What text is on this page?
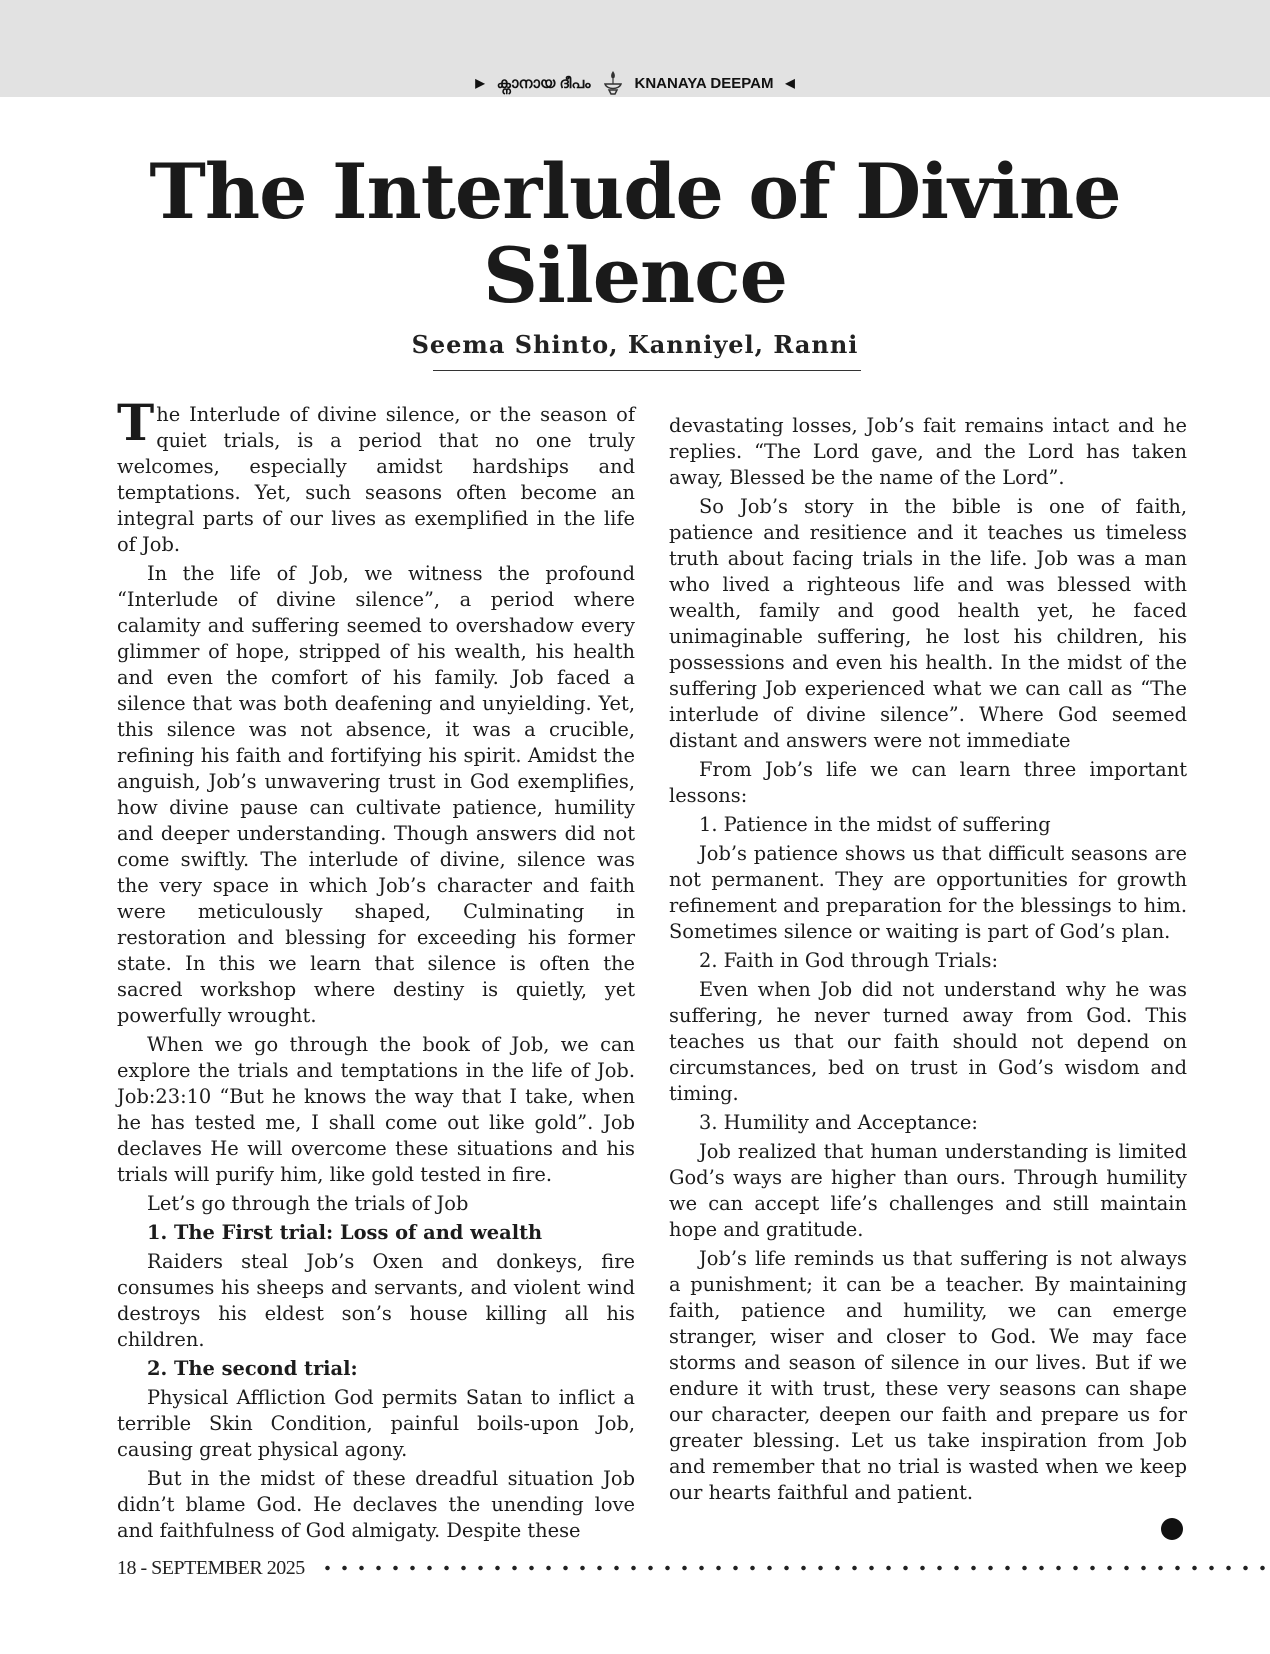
▶ ക്നാനായ ദീപം	KNANAYA DEEPAM ◀
The Interlude of Divine
Silence
Seema Shinto, Kanniyel, Ranni

The Interlude of divine silence, or the season of quiet trials, is a period that no one truly welcomes, especially amidst hardships and temptations. Yet, such seasons often become an integral parts of our lives as exemplified in the life of Job.

In the life of Job, we witness the profound “Interlude of divine silence”, a period where calamity and suffering seemed to overshadow every glimmer of hope, stripped of his wealth, his health and even the comfort of his family. Job faced a silence that was both deafening and unyielding. Yet, this silence was not absence, it was a crucible, refining his faith and fortifying his spirit. Amidst the anguish, Job’s unwavering trust in God exemplifies, how divine pause can cultivate patience, humility and deeper understanding. Though answers did not come swiftly. The interlude of divine, silence was the very space in which Job’s character and faith were meticulously shaped, Culminating in restoration and blessing for exceeding his former state. In this we learn that silence is often the sacred workshop where destiny is quietly, yet powerfully wrought.

When we go through the book of Job, we can explore the trials and temptations in the life of Job. Job:23:10 “But he knows the way that I take, when he has tested me, I shall come out like gold”. Job declaves He will overcome these situations and his trials will purify him, like gold tested in fire.

Let’s go through the trials of Job

1. The First trial: Loss of and wealth

Raiders steal Job’s Oxen and donkeys, fire consumes his sheeps and servants, and violent wind destroys his eldest son’s house killing all his children.

2. The second trial:

Physical Affliction God permits Satan to inflict a terrible Skin Condition, painful boils-upon Job, causing great physical agony.

But in the midst of these dreadful situation Job didn’t blame God. He declaves the unending love and faithfulness of God almigaty. Despite these

devastating losses, Job’s fait remains intact and he replies. “The Lord gave, and the Lord has taken away, Blessed be the name of the Lord”.

So Job’s story in the bible is one of faith, patience and resitience and it teaches us timeless truth about facing trials in the life. Job was a man who lived a righteous life and was blessed with wealth, family and good health yet, he faced unimaginable suffering, he lost his children, his possessions and even his health. In the midst of the suffering Job experienced what we can call as “The interlude of divine silence”. Where God seemed distant and answers were not immediate

From Job’s life we can learn three important lessons:

1. Patience in the midst of suffering

Job’s patience shows us that difficult seasons are not permanent. They are opportunities for growth refinement and preparation for the blessings to him. Sometimes silence or waiting is part of God’s plan.

2. Faith in God through Trials:

Even when Job did not understand why he was suffering, he never turned away from God. This teaches us that our faith should not depend on circumstances, bed on trust in God’s wisdom and timing.

3. Humility and Acceptance:

Job realized that human understanding is limited God’s ways are higher than ours. Through humility we can accept life’s challenges and still maintain hope and gratitude.

Job’s life reminds us that suffering is not always a punishment; it can be a teacher. By maintaining faith, patience and humility, we can emerge stranger, wiser and closer to God. We may face storms and season of silence in our lives. But if we endure it with trust, these very seasons can shape our character, deepen our faith and prepare us for greater blessing. Let us take inspiration from Job and remember that no trial is wasted when we keep our hearts faithful and patient.

18 - SEPTEMBER 2025
